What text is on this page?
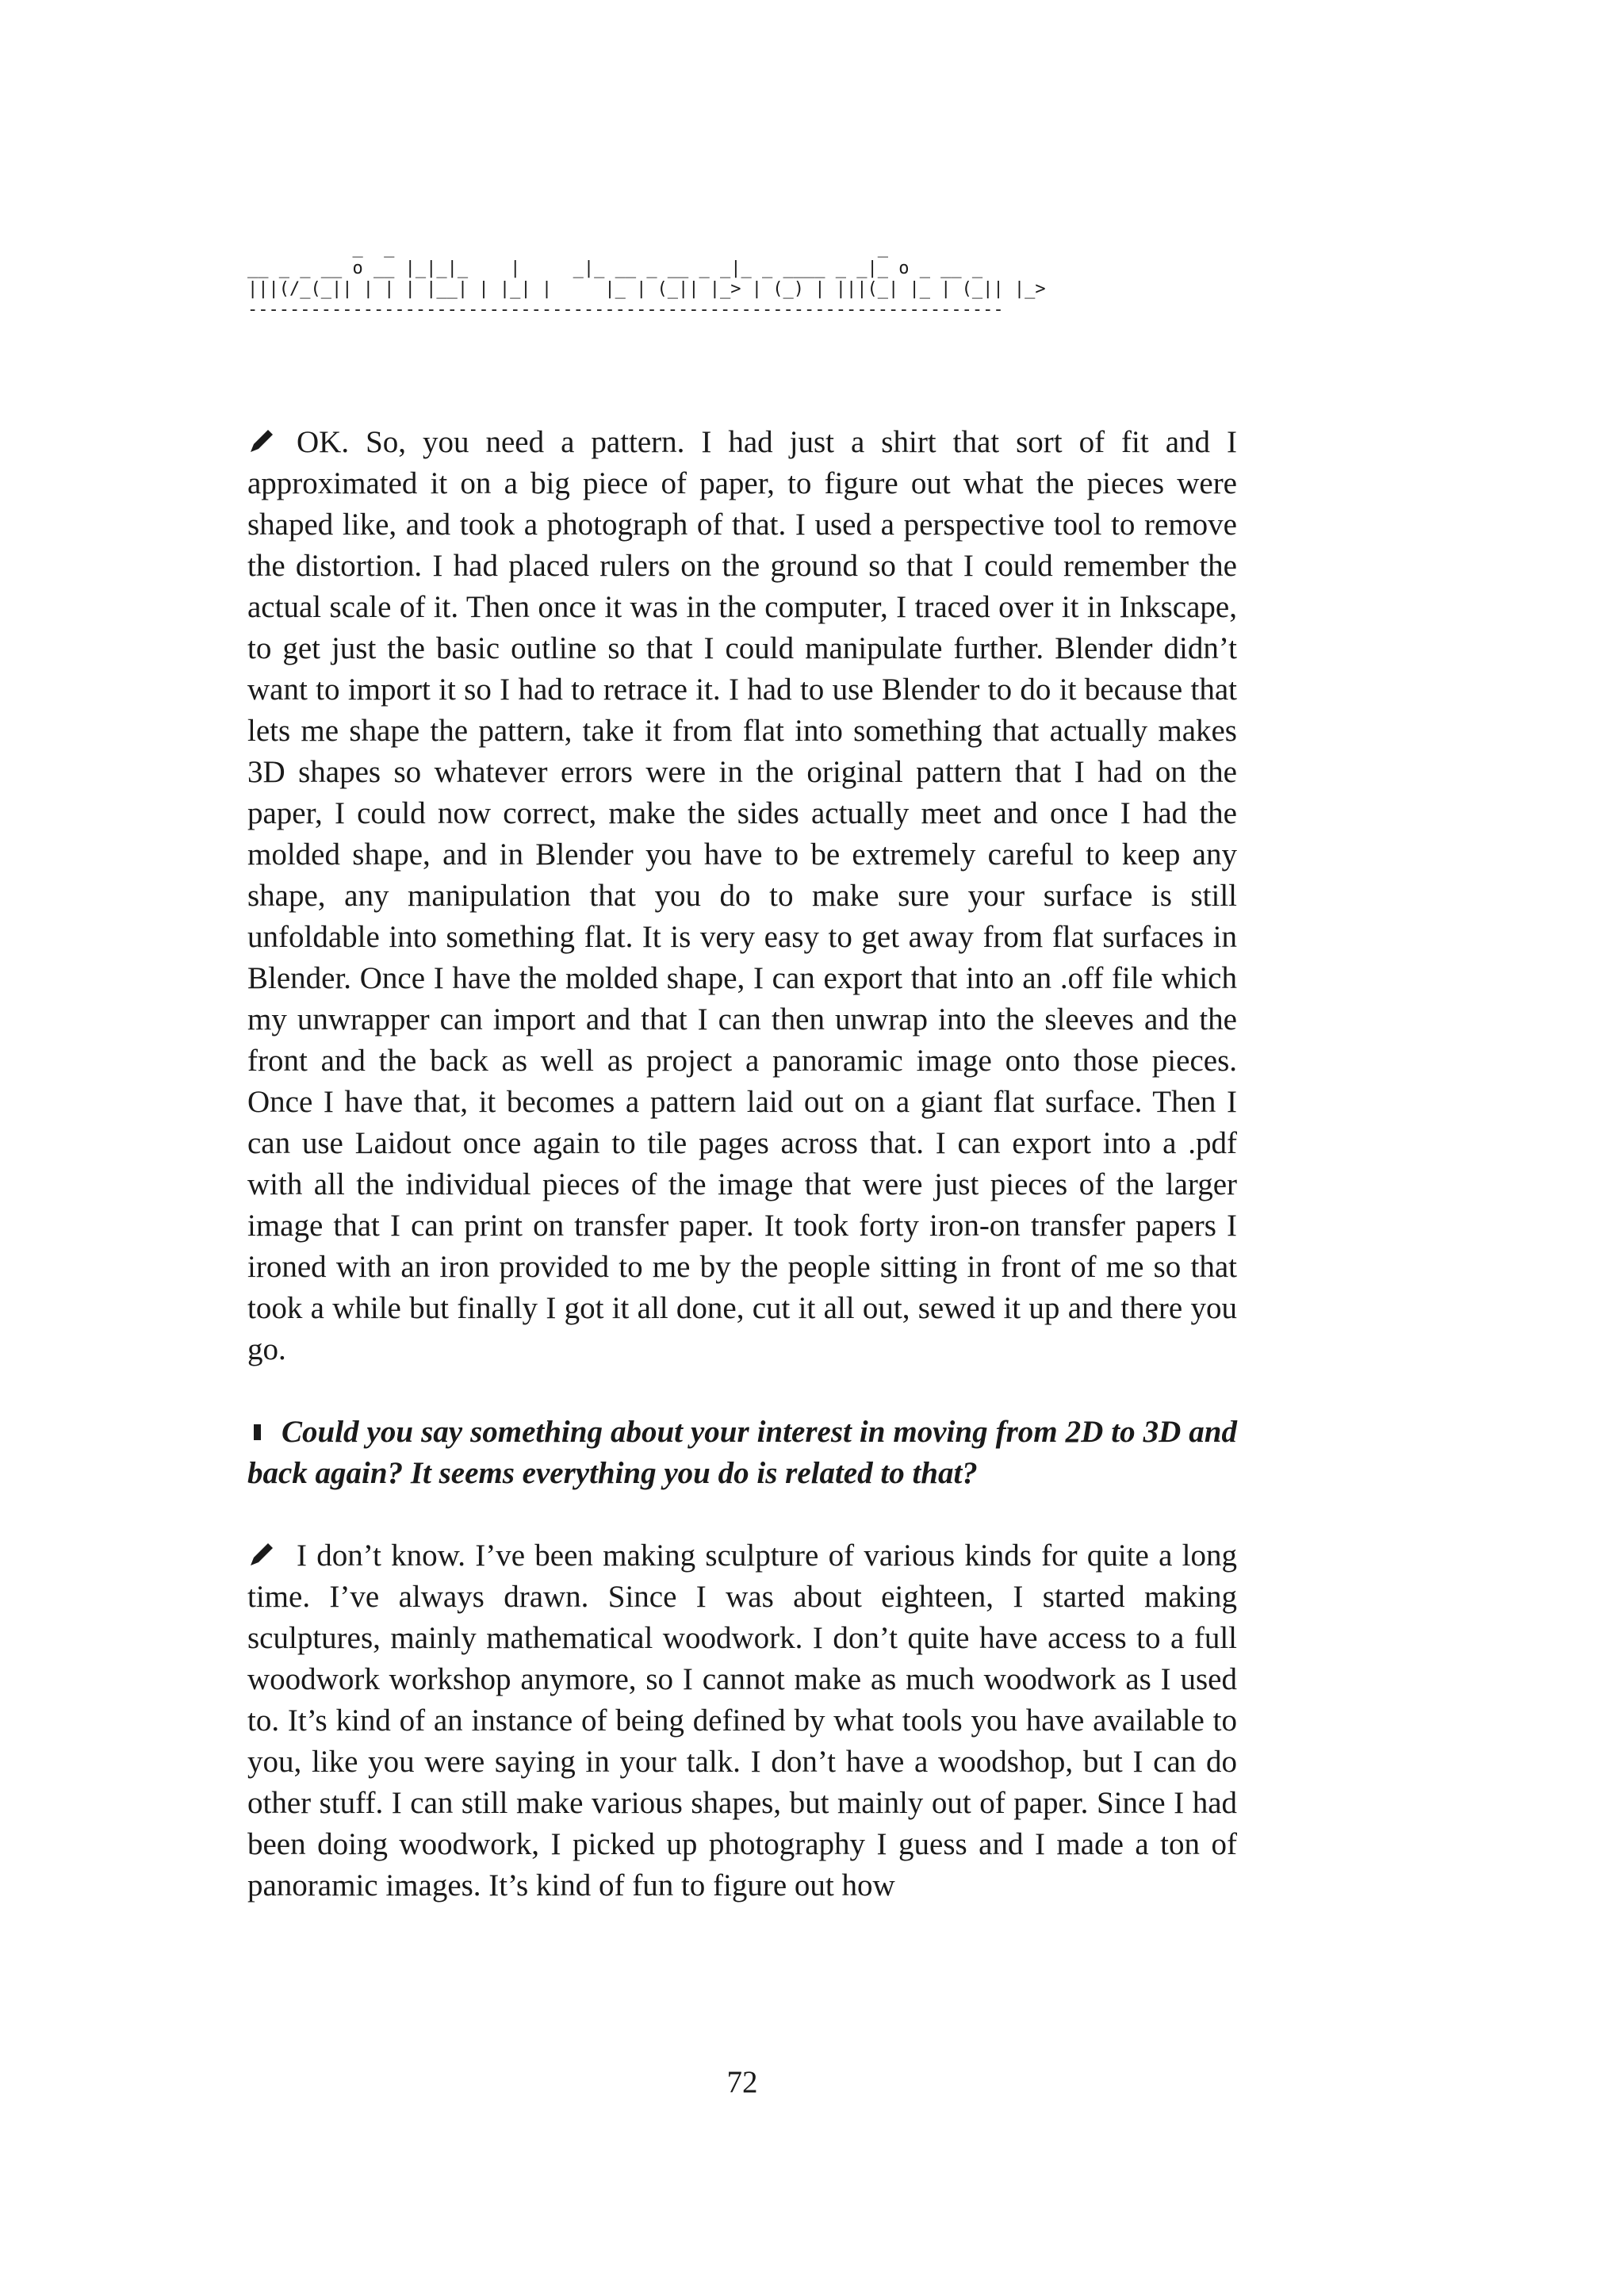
_  _                                              _
__ _ _ __ o __ |_|_|_    |     _|_ __ _ __ _ _|_ _ ____ _ _|_ o _ __ _
|||(/_(_|| | | | |__| | |_| |     |_ | (_|| |_> | (_) | |||(_| |_ | (_|| |_>
------------------------------------------------------------------------

OK. So, you need a pattern. I had just a shirt that sort of fit and I approximated it on a big piece of paper, to figure out what the pieces were shaped like, and took a photograph of that. I used a perspective tool to remove the distortion. I had placed rulers on the ground so that I could remember the actual scale of it. Then once it was in the computer, I traced over it in Inkscape, to get just the basic outline so that I could manipulate further. Blender didn’t want to import it so I had to retrace it. I had to use Blender to do it because that lets me shape the pattern, take it from flat into something that actually makes 3D shapes so whatever errors were in the original pattern that I had on the paper, I could now correct, make the sides actually meet and once I had the molded shape, and in Blender you have to be extremely careful to keep any shape, any manipulation that you do to make sure your surface is still unfoldable into something flat. It is very easy to get away from flat surfaces in Blender. Once I have the molded shape, I can export that into an .off file which my unwrapper can import and that I can then unwrap into the sleeves and the front and the back as well as project a panoramic image onto those pieces. Once I have that, it becomes a pattern laid out on a giant flat surface. Then I can use Laidout once again to tile pages across that. I can export into a .pdf with all the individual pieces of the image that were just pieces of the larger image that I can print on transfer paper. It took forty iron-on transfer papers I ironed with an iron provided to me by the people sitting in front of me so that took a while but finally I got it all done, cut it all out, sewed it up and there you go.

Could you say something about your interest in moving from 2D to 3D and back again? It seems everything you do is related to that?

I don’t know. I’ve been making sculpture of various kinds for quite a long time. I’ve always drawn. Since I was about eighteen, I started making sculptures, mainly mathematical woodwork. I don’t quite have access to a full woodwork workshop anymore, so I cannot make as much woodwork as I used to. It’s kind of an instance of being defined by what tools you have available to you, like you were saying in your talk. I don’t have a woodshop, but I can do other stuff. I can still make various shapes, but mainly out of paper. Since I had been doing woodwork, I picked up photography I guess and I made a ton of panoramic images. It’s kind of fun to figure out how

72
